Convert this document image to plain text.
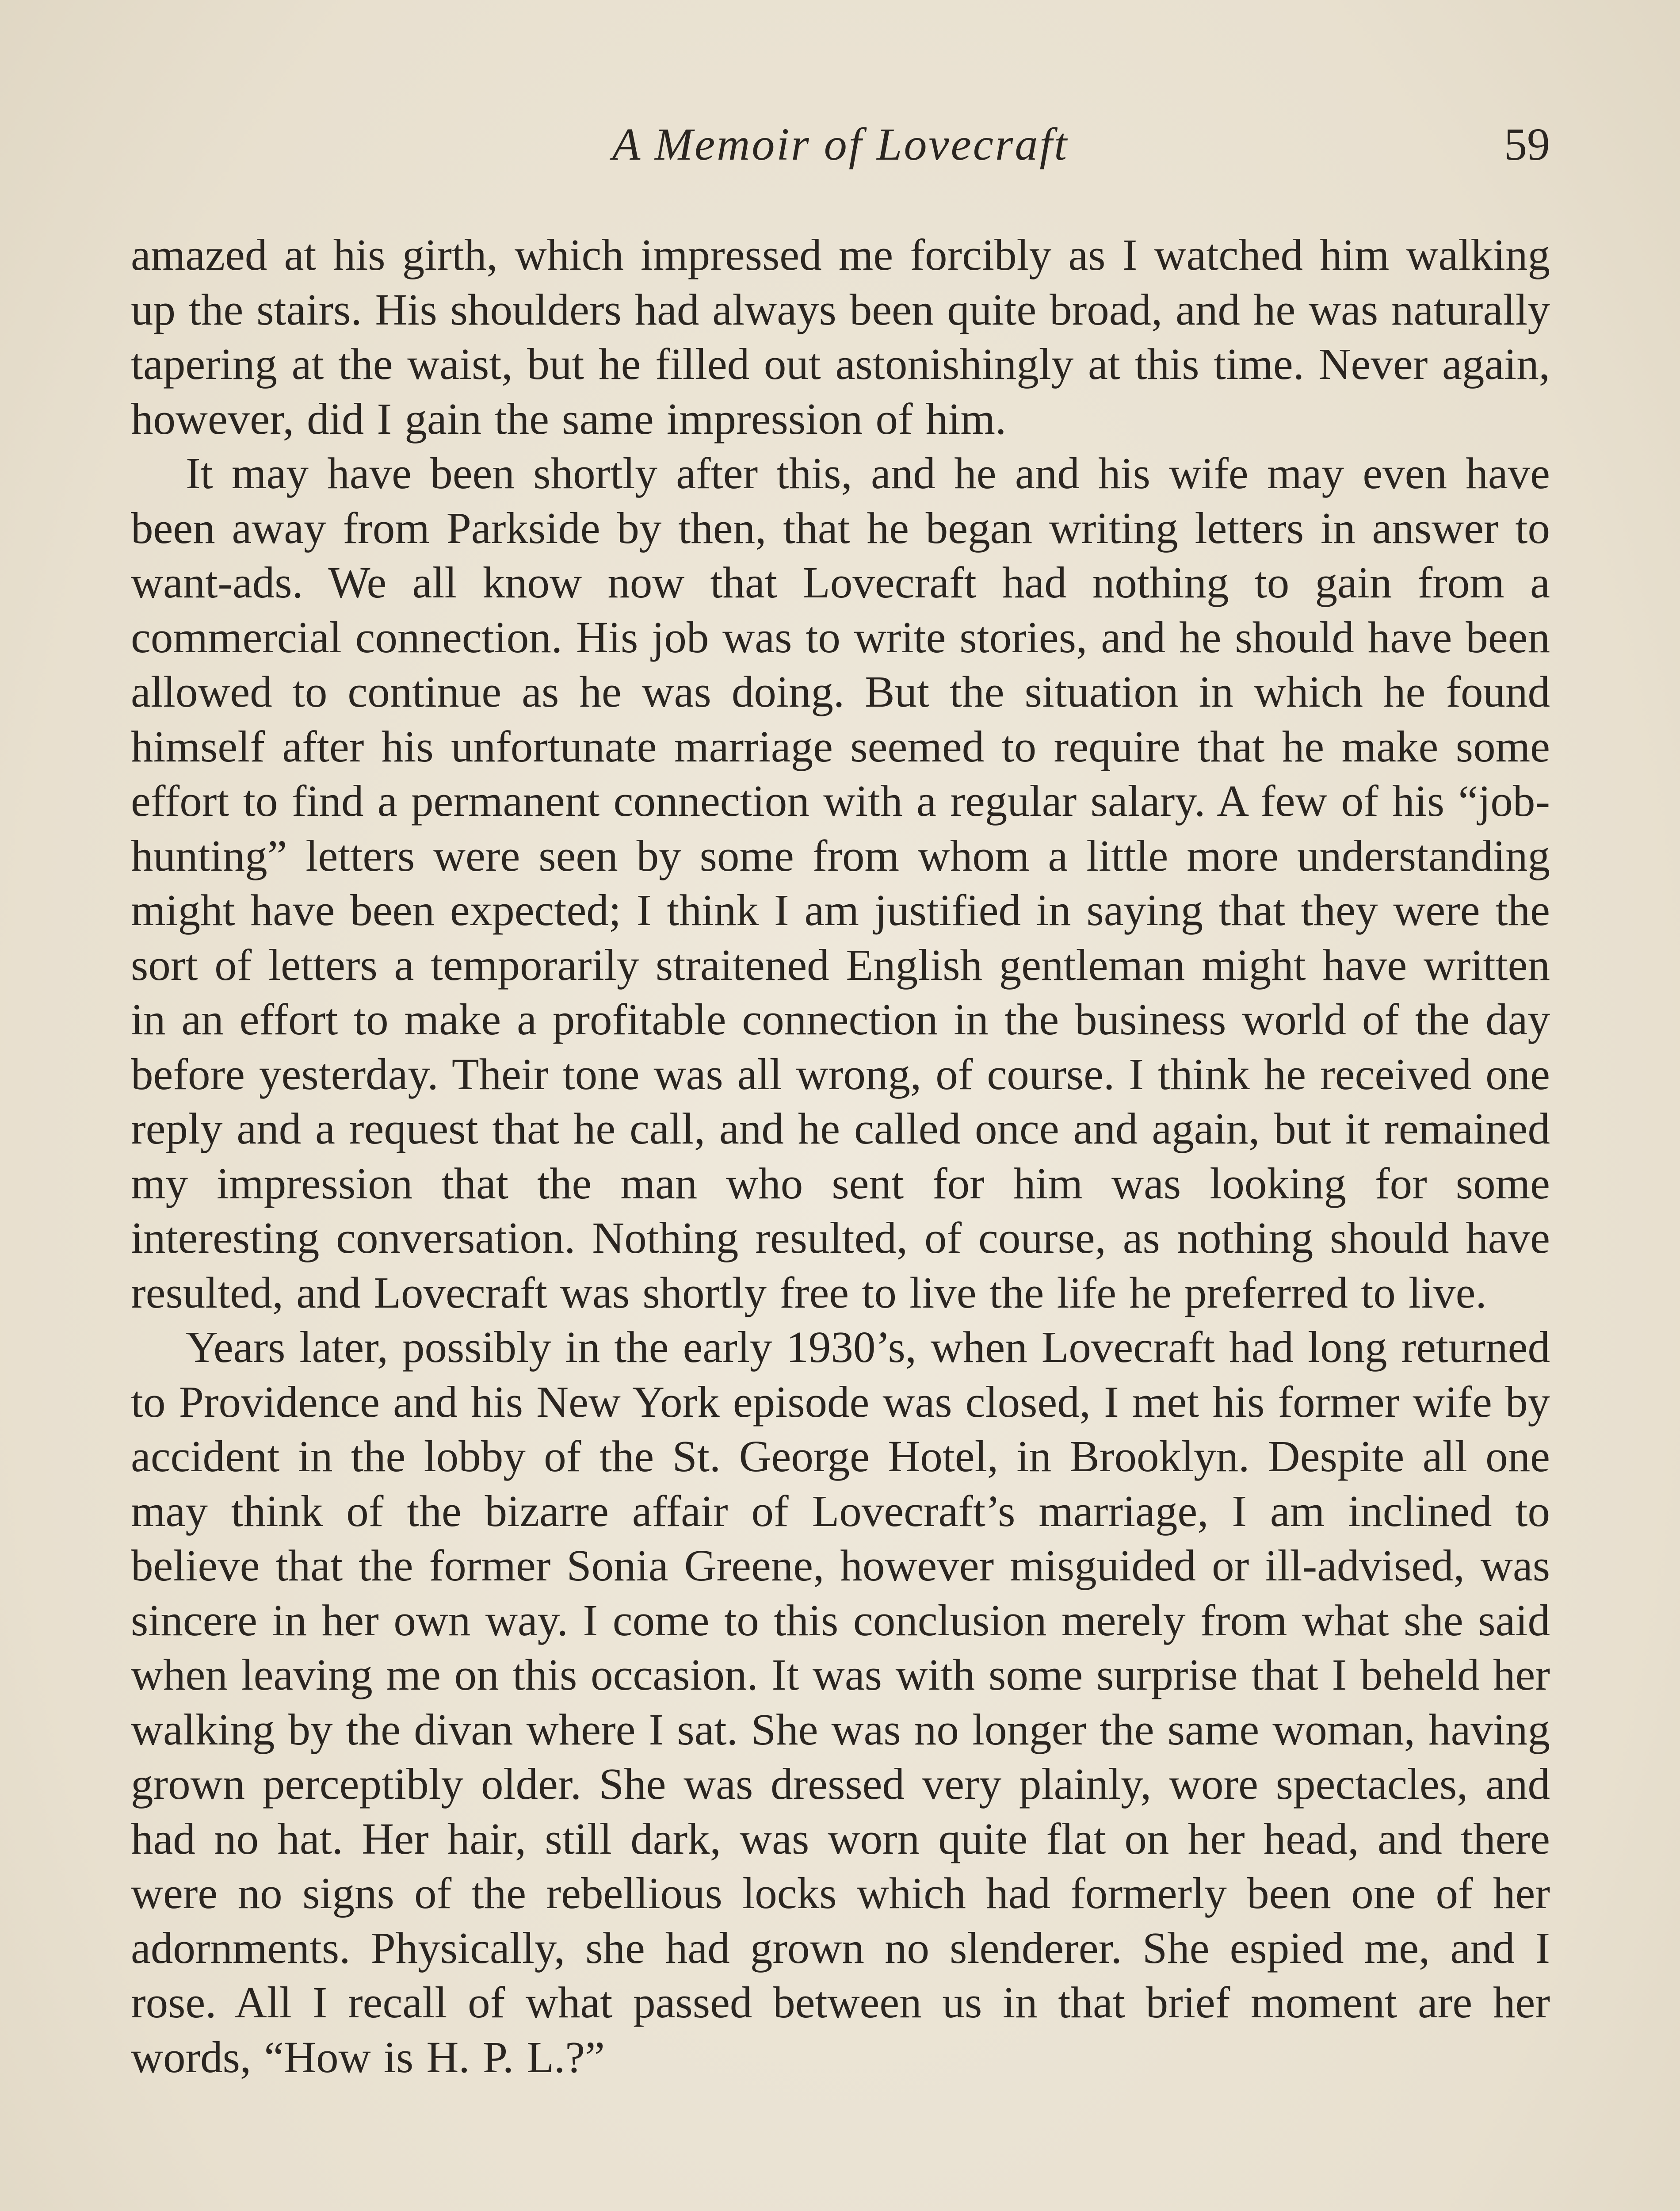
A Memoir of Lovecraft	59

amazed at his girth, which impressed me forcibly as I watched him walking up the stairs. His shoulders had always been quite broad, and he was naturally tapering at the waist, but he filled out astonishingly at this time. Never again, however, did I gain the same impression of him.

It may have been shortly after this, and he and his wife may even have been away from Parkside by then, that he began writing letters in answer to want-ads. We all know now that Lovecraft had nothing to gain from a commercial connection. His job was to write stories, and he should have been allowed to continue as he was doing. But the situation in which he found himself after his unfortunate marriage seemed to require that he make some effort to find a permanent connection with a regular salary. A few of his “job-hunting” letters were seen by some from whom a little more understanding might have been expected; I think I am justified in saying that they were the sort of letters a temporarily straitened English gentleman might have written in an effort to make a profitable connection in the business world of the day before yesterday. Their tone was all wrong, of course. I think he received one reply and a request that he call, and he called once and again, but it remained my impression that the man who sent for him was looking for some interesting conversation. Nothing resulted, of course, as nothing should have resulted, and Lovecraft was shortly free to live the life he preferred to live.

Years later, possibly in the early 1930’s, when Lovecraft had long returned to Providence and his New York episode was closed, I met his former wife by accident in the lobby of the St. George Hotel, in Brooklyn. Despite all one may think of the bizarre affair of Lovecraft’s marriage, I am inclined to believe that the former Sonia Greene, however misguided or ill-advised, was sincere in her own way. I come to this conclusion merely from what she said when leaving me on this occasion. It was with some surprise that I beheld her walking by the divan where I sat. She was no longer the same woman, having grown perceptibly older. She was dressed very plainly, wore spectacles, and had no hat. Her hair, still dark, was worn quite flat on her head, and there were no signs of the rebellious locks which had formerly been one of her adornments. Physically, she had grown no slenderer. She espied me, and I rose. All I recall of what passed between us in that brief moment are her words, “How is H. P. L.?”
